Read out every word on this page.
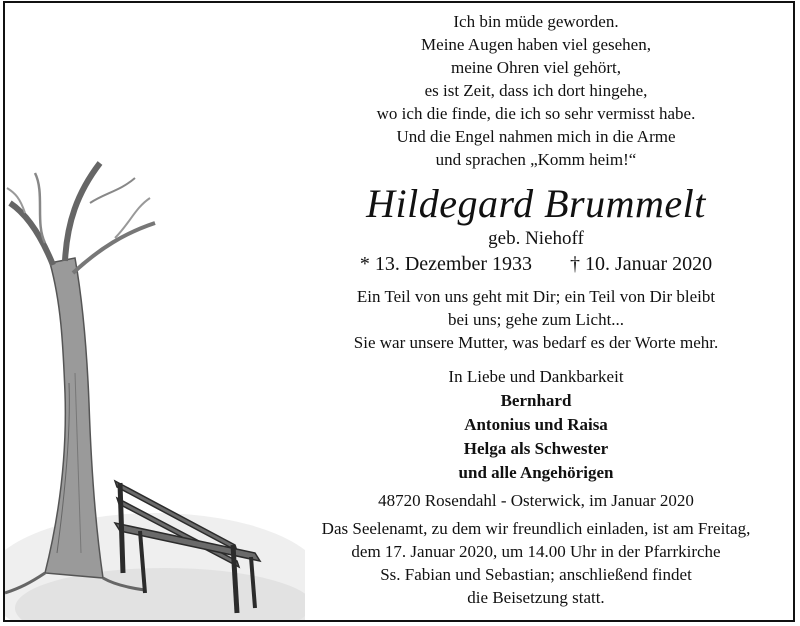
Ich bin müde geworden.
Meine Augen haben viel gesehen,
meine Ohren viel gehört,
es ist Zeit, dass ich dort hingehe,
wo ich die finde, die ich so sehr vermisst habe.
Und die Engel nahmen mich in die Arme
und sprachen „Komm heim!“
Hildegard Brummelt
geb. Niehoff
* 13. Dezember 1933 † 10. Januar 2020
Ein Teil von uns geht mit Dir; ein Teil von Dir bleibt
bei uns; gehe zum Licht...
Sie war unsere Mutter, was bedarf es der Worte mehr.
In Liebe und Dankbarkeit
Bernhard
Antonius und Raisa
Helga als Schwester
und alle Angehörigen
48720 Rosendahl - Osterwick, im Januar 2020
Das Seelenamt, zu dem wir freundlich einladen, ist am Freitag,
dem 17. Januar 2020, um 14.00 Uhr in der Pfarrkirche
Ss. Fabian und Sebastian; anschließend findet
die Beisetzung statt.
